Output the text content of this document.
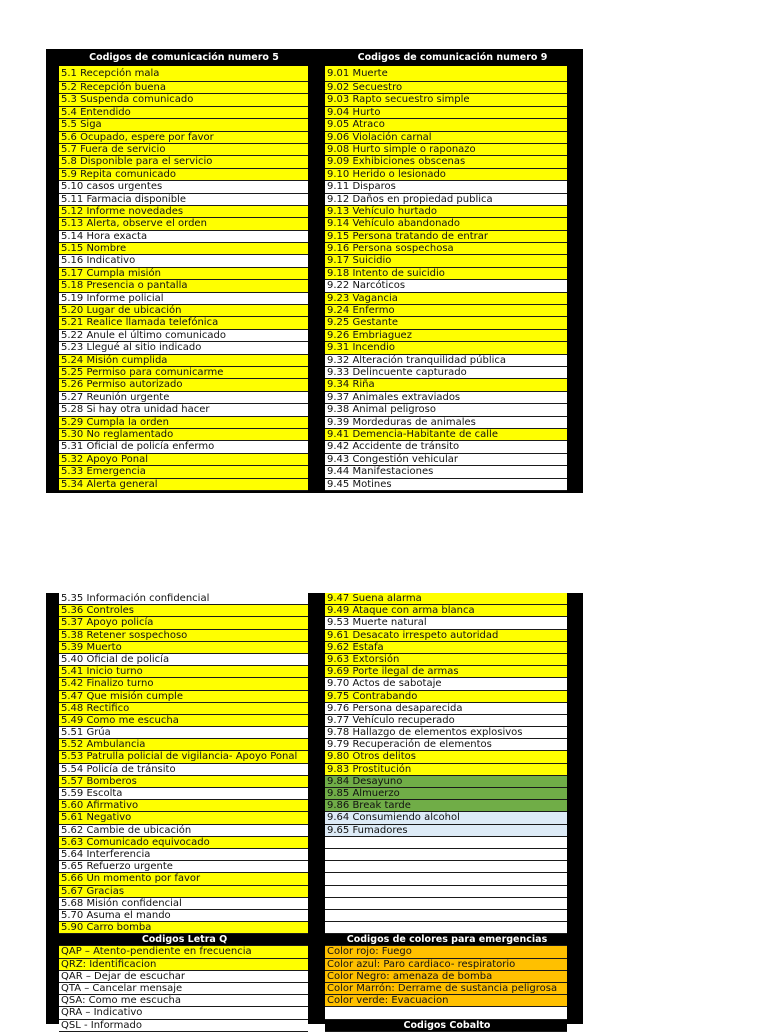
Codigos de comunicación numero 5	Codigos de comunicación numero 9
5.1 Recepción mala
5.2 Recepción buena
5.3 Suspenda comunicado
5.4 Entendido
5.5 Siga
5.6 Ocupado, espere por favor
5.7 Fuera de servicio
5.8 Disponible para el servicio
5.9 Repita comunicado
5.10 casos urgentes
5.11 Farmacia disponible
5.12 Informe novedades
5.13 Alerta, observe el orden
5.14 Hora exacta
5.15 Nombre
5.16 Indicativo
5.17 Cumpla misión
5.18 Presencia o pantalla
5.19 Informe policial
5.20 Lugar de ubicación
5.21 Realice llamada telefónica
5.22 Anule el último comunicado
5.23 Llegué al sitio indicado
5.24 Misión cumplida
5.25 Permiso para comunicarme
5.26 Permiso autorizado
5.27 Reunión urgente
5.28 Si hay otra unidad hacer
5.29 Cumpla la orden
5.30 No reglamentado
5.31 Oficial de policía enfermo
5.32 Apoyo Ponal
5.33 Emergencia
5.34 Alerta general
9.01 Muerte
9.02 Secuestro
9.03 Rapto secuestro simple
9.04 Hurto
9.05 Atraco
9.06 Violación carnal
9.08 Hurto simple o raponazo
9.09 Exhibiciones obscenas
9.10 Herido o lesionado
9.11 Disparos
9.12 Daños en propiedad publica
9.13 Vehículo hurtado
9.14 Vehículo abandonado
9.15 Persona tratando de entrar
9.16 Persona sospechosa
9.17 Suicidio
9.18 Intento de suicidio
9.22 Narcóticos
9.23 Vagancia
9.24 Enfermo
9.25 Gestante
9.26 Embriaguez
9.31 Incendio
9.32 Alteración tranquilidad pública
9.33 Delincuente capturado
9.34 Riña
9.37 Animales extraviados
9.38 Animal peligroso
9.39 Mordeduras de animales
9.41 Demencia-Habitante de calle
9.42 Accidente de tránsito
9.43 Congestión vehicular
9.44 Manifestaciones
9.45 Motines
5.35 Información confidencial
5.36 Controles
5.37 Apoyo policía
5.38 Retener sospechoso
5.39 Muerto
5.40 Oficial de policía
5.41 Inicio turno
5.42 Finalizo turno
5.47 Que misión cumple
5.48 Rectifico
5.49 Como me escucha
5.51 Grúa
5.52 Ambulancia
5.53 Patrulla policial de vigilancia- Apoyo Ponal
5.54 Policía de tránsito
5.57 Bomberos
5.59 Escolta
5.60 Afirmativo
5.61 Negativo
5.62 Cambie de ubicación
5.63 Comunicado equivocado
5.64 Interferencia
5.65 Refuerzo urgente
5.66 Un momento por favor
5.67 Gracias
5.68 Misión confidencial
5.70 Asuma el mando
5.90 Carro bomba
Codigos Letra Q
QAP – Atento-pendiente en frecuencia
QRZ: Identificacion
QAR – Dejar de escuchar
QTA – Cancelar mensaje
QSA: Como me escucha
QRA – Indicativo
QSL - Informado
9.47 Suena alarma
9.49 Ataque con arma blanca
9.53 Muerte natural
9.61 Desacato irrespeto autoridad
9.62 Estafa
9.63 Extorsión
9.69 Porte ilegal de armas
9.70 Actos de sabotaje
9.75 Contrabando
9.76 Persona desaparecida
9.77 Vehículo recuperado
9.78 Hallazgo de elementos explosivos
9.79 Recuperación de elementos
9.80 Otros delitos
9.83 Prostitución
9.84 Desayuno
9.85 Almuerzo
9.86 Break tarde
9.64 Consumiendo alcohol
9.65 Fumadores
Codigos de colores para emergencias
Color rojo: Fuego
Color azul: Paro cardiaco- respiratorio
Color Negro: amenaza de bomba
Color Marrón: Derrame de sustancia peligrosa
Color verde: Evacuacion
Codigos Cobalto
